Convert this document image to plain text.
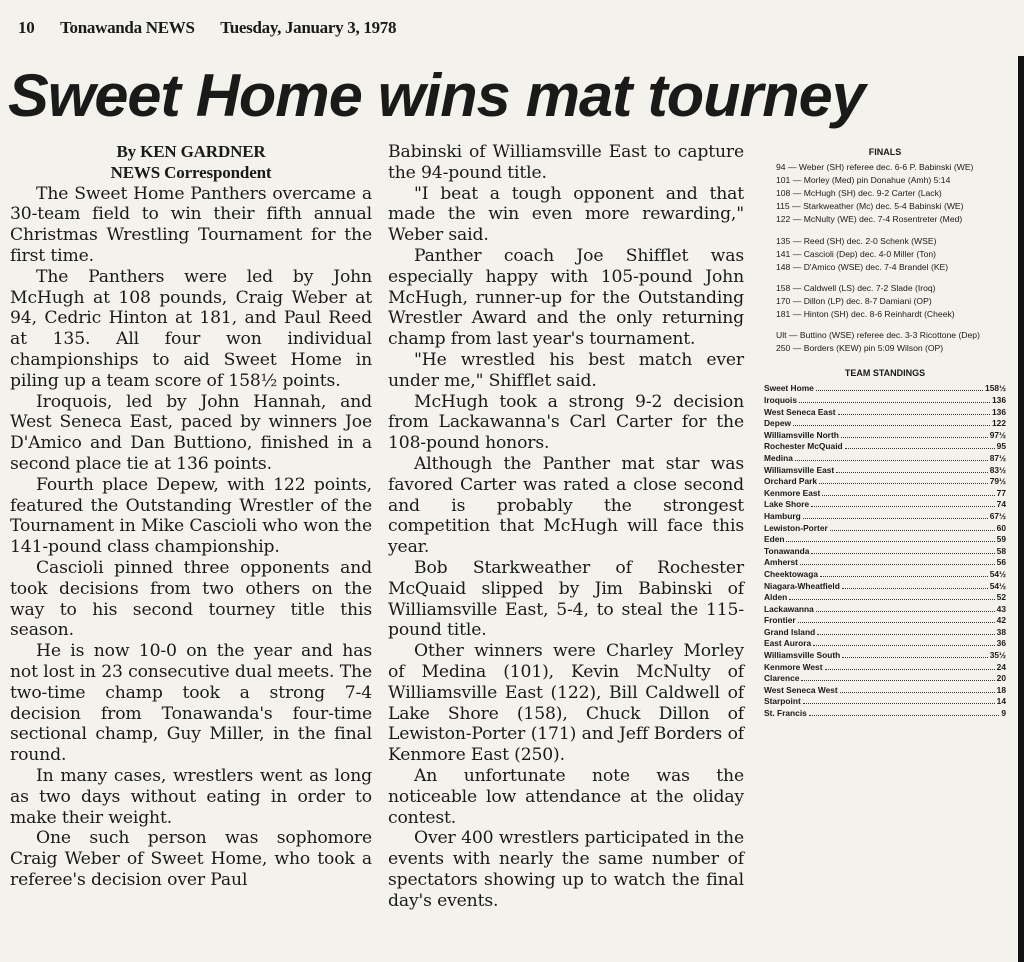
10 Tonawanda NEWS Tuesday, January 3, 1978
Sweet Home wins mat tourney
By KEN GARDNER
NEWS Correspondent

The Sweet Home Panthers overcame a 30-team field to win their fifth annual Christmas Wrestling Tournament for the first time.

The Panthers were led by John McHugh at 108 pounds, Craig Weber at 94, Cedric Hinton at 181, and Paul Reed at 135. All four won individual championships to aid Sweet Home in piling up a team score of 158½ points.

Iroquois, led by John Hannah, and West Seneca East, paced by winners Joe D'Amico and Dan Buttiono, finished in a second place tie at 136 points.

Fourth place Depew, with 122 points, featured the Outstanding Wrestler of the Tournament in Mike Cascioli who won the 141-pound class championship.

Cascioli pinned three opponents and took decisions from two others on the way to his second tourney title this season.

He is now 10-0 on the year and has not lost in 23 consecutive dual meets. The two-time champ took a strong 7-4 decision from Tonawanda's four-time sectional champ, Guy Miller, in the final round.

In many cases, wrestlers went as long as two days without eating in order to make their weight.

One such person was sophomore Craig Weber of Sweet Home, who took a referee's decision over Paul

Babinski of Williamsville East to capture the 94-pound title.

"I beat a tough opponent and that made the win even more rewarding," Weber said.

Panther coach Joe Shifflet was especially happy with 105-pound John McHugh, runner-up for the Outstanding Wrestler Award and the only returning champ from last year's tournament.

"He wrestled his best match ever under me," Shifflet said.

McHugh took a strong 9-2 decision from Lackawanna's Carl Carter for the 108-pound honors.

Although the Panther mat star was favored Carter was rated a close second and is probably the strongest competition that McHugh will face this year.

Bob Starkweather of Rochester McQuaid slipped by Jim Babinski of Williamsville East, 5-4, to steal the 115-pound title.

Other winners were Charley Morley of Medina (101), Kevin McNulty of Williamsville East (122), Bill Caldwell of Lake Shore (158), Chuck Dillon of Lewiston-Porter (171) and Jeff Borders of Kenmore East (250).

An unfortunate note was the noticeable low attendance at the oliday contest.

Over 400 wrestlers participated in the events with nearly the same number of spectators showing up to watch the final day's events.

FINALS

94 — Weber (SH) referee dec. 6-6 P. Babinski (WE)

101 — Morley (Med) pin Donahue (Amh) 5:14

108 — McHugh (SH) dec. 9-2 Carter (Lack)

115 — Starkweather (Mc) dec. 5-4 Babinski (WE)

122 — McNulty (WE) dec. 7-4 Rosentreter (Med)

135 — Reed (SH) dec. 2-0 Schenk (WSE)

141 — Cascioli (Dep) dec. 4-0 Miller (Ton)

148 — D'Amico (WSE) dec. 7-4 Brandel (KE)

158 — Caldwell (LS) dec. 7-2 Slade (Iroq)

170 — Dillon (LP) dec. 8-7 Damiani (OP)

181 — Hinton (SH) dec. 8-6 Reinhardt (Cheek)

Ult — Buttino (WSE) referee dec. 3-3 Ricottone (Dep)

250 — Borders (KEW) pin 5:09 Wilson (OP)

TEAM STANDINGS
Sweet Home	158½
Iroquois	136
West Seneca East	136
Depew	122
Williamsville North	97½
Rochester McQuaid	95
Medina	87½
Williamsville East	83½
Orchard Park	79½
Kenmore East	77
Lake Shore	74
Hamburg	67½
Lewiston-Porter	60
Eden	59
Tonawanda	58
Amherst	56
Cheektowaga	54½
Niagara-Wheatfield	54½
Alden	52
Lackawanna	43
Frontier	42
Grand Island	38
East Aurora	36
Williamsville South	35½
Kenmore West	24
Clarence	20
West Seneca West	18
Starpoint	14
St. Francis	9
